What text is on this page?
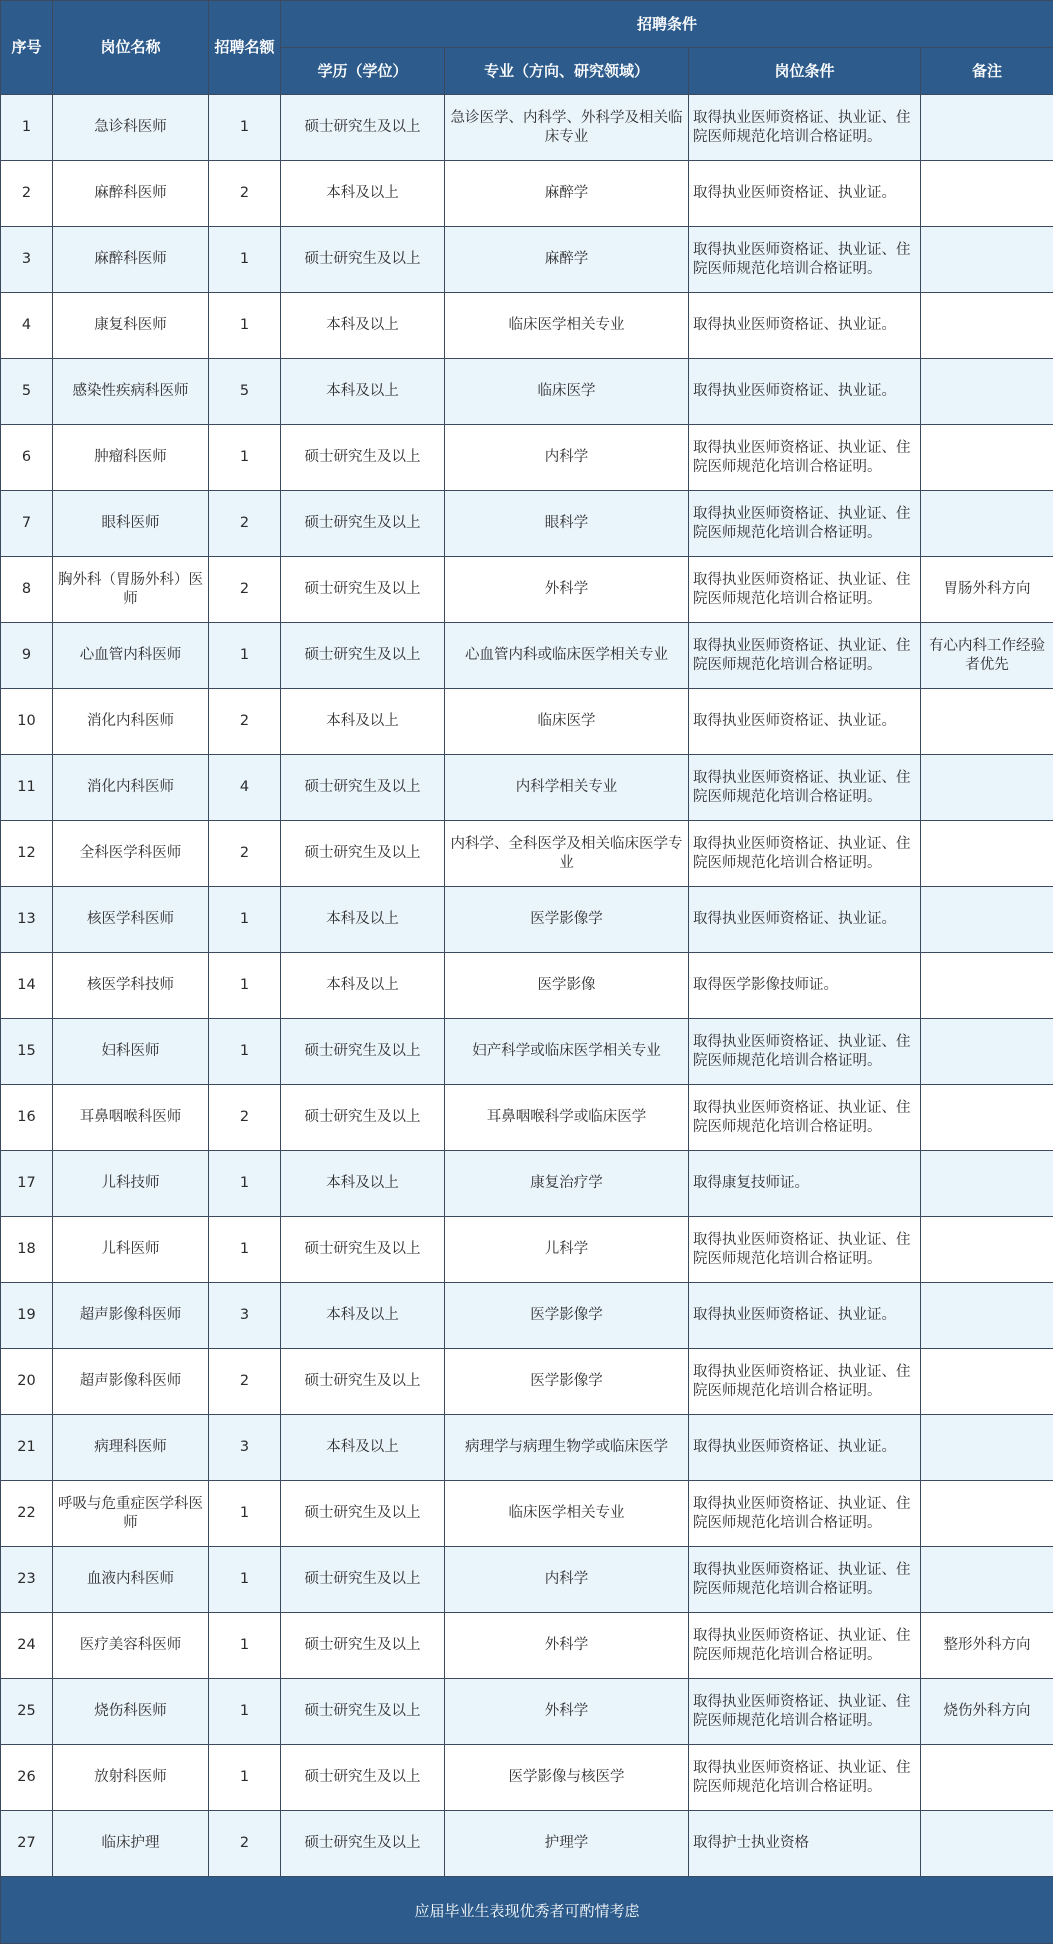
序号	岗位名称	招聘名额	招聘条件			
			学历（学位）	专业（方向、研究领域）	岗位条件	备注
1	急诊科医师	1	硕士研究生及以上	急诊医学、内科学、外科学及相关临床专业	取得执业医师资格证、执业证、住院医师规范化培训合格证明。	
2	麻醉科医师	2	本科及以上	麻醉学	取得执业医师资格证、执业证。	
3	麻醉科医师	1	硕士研究生及以上	麻醉学	取得执业医师资格证、执业证、住院医师规范化培训合格证明。	
4	康复科医师	1	本科及以上	临床医学相关专业	取得执业医师资格证、执业证。	
5	感染性疾病科医师	5	本科及以上	临床医学	取得执业医师资格证、执业证。	
6	肿瘤科医师	1	硕士研究生及以上	内科学	取得执业医师资格证、执业证、住院医师规范化培训合格证明。	
7	眼科医师	2	硕士研究生及以上	眼科学	取得执业医师资格证、执业证、住院医师规范化培训合格证明。	
8	胸外科（胃肠外科）医师	2	硕士研究生及以上	外科学	取得执业医师资格证、执业证、住院医师规范化培训合格证明。	胃肠外科方向
9	心血管内科医师	1	硕士研究生及以上	心血管内科或临床医学相关专业	取得执业医师资格证、执业证、住院医师规范化培训合格证明。	有心内科工作经验者优先
10	消化内科医师	2	本科及以上	临床医学	取得执业医师资格证、执业证。	
11	消化内科医师	4	硕士研究生及以上	内科学相关专业	取得执业医师资格证、执业证、住院医师规范化培训合格证明。	
12	全科医学科医师	2	硕士研究生及以上	内科学、全科医学及相关临床医学专业	取得执业医师资格证、执业证、住院医师规范化培训合格证明。	
13	核医学科医师	1	本科及以上	医学影像学	取得执业医师资格证、执业证。	
14	核医学科技师	1	本科及以上	医学影像	取得医学影像技师证。	
15	妇科医师	1	硕士研究生及以上	妇产科学或临床医学相关专业	取得执业医师资格证、执业证、住院医师规范化培训合格证明。	
16	耳鼻咽喉科医师	2	硕士研究生及以上	耳鼻咽喉科学或临床医学	取得执业医师资格证、执业证、住院医师规范化培训合格证明。	
17	儿科技师	1	本科及以上	康复治疗学	取得康复技师证。	
18	儿科医师	1	硕士研究生及以上	儿科学	取得执业医师资格证、执业证、住院医师规范化培训合格证明。	
19	超声影像科医师	3	本科及以上	医学影像学	取得执业医师资格证、执业证。	
20	超声影像科医师	2	硕士研究生及以上	医学影像学	取得执业医师资格证、执业证、住院医师规范化培训合格证明。	
21	病理科医师	3	本科及以上	病理学与病理生物学或临床医学	取得执业医师资格证、执业证。	
22	呼吸与危重症医学科医师	1	硕士研究生及以上	临床医学相关专业	取得执业医师资格证、执业证、住院医师规范化培训合格证明。	
23	血液内科医师	1	硕士研究生及以上	内科学	取得执业医师资格证、执业证、住院医师规范化培训合格证明。	
24	医疗美容科医师	1	硕士研究生及以上	外科学	取得执业医师资格证、执业证、住院医师规范化培训合格证明。	整形外科方向
25	烧伤科医师	1	硕士研究生及以上	外科学	取得执业医师资格证、执业证、住院医师规范化培训合格证明。	烧伤外科方向
26	放射科医师	1	硕士研究生及以上	医学影像与核医学	取得执业医师资格证、执业证、住院医师规范化培训合格证明。	
27	临床护理	2	硕士研究生及以上	护理学	取得护士执业资格	
应届毕业生表现优秀者可酌情考虑						
